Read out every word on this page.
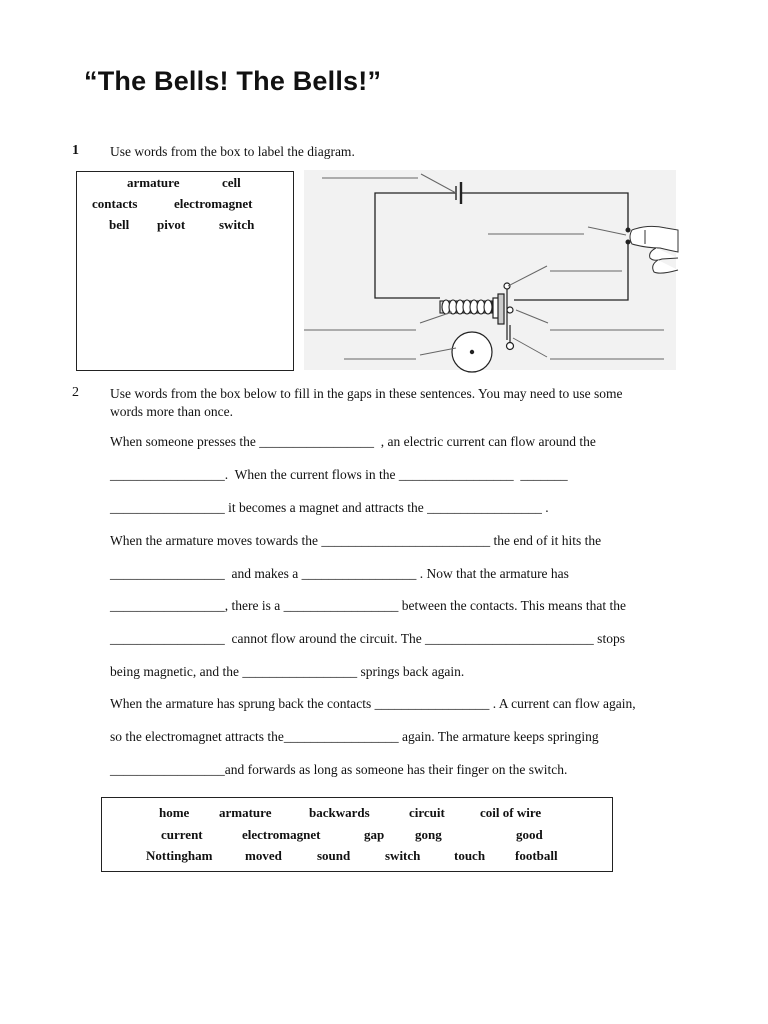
“The Bells! The Bells!”
1 Use words from the box to label the diagram.
armature	cell
contacts	electromagnet
bell pivot	switch
2 Use words from the box below to fill in the gaps in these sentences. You may need to use some
words more than once.
When someone presses the _________________  , an electric current can flow around the
_________________.  When the current flows in the _________________  _______
_________________ it becomes a magnet and attracts the _________________ .
When the armature moves towards the _________________________ the end of it hits the
_________________  and makes a _________________ . Now that the armature has
_________________, there is a _________________ between the contacts. This means that the
_________________  cannot flow around the circuit. The _________________________ stops
being magnetic, and the _________________ springs back again.
When the armature has sprung back the contacts _________________ . A current can flow again,
so the electromagnet attracts the_________________ again. The armature keeps springing
_________________and forwards as long as someone has their finger on the switch.
home armature	backwards	circuit	coil of wire
current	electromagnet	gap gong	good
Nottingham	moved	sound	switch	touch football
